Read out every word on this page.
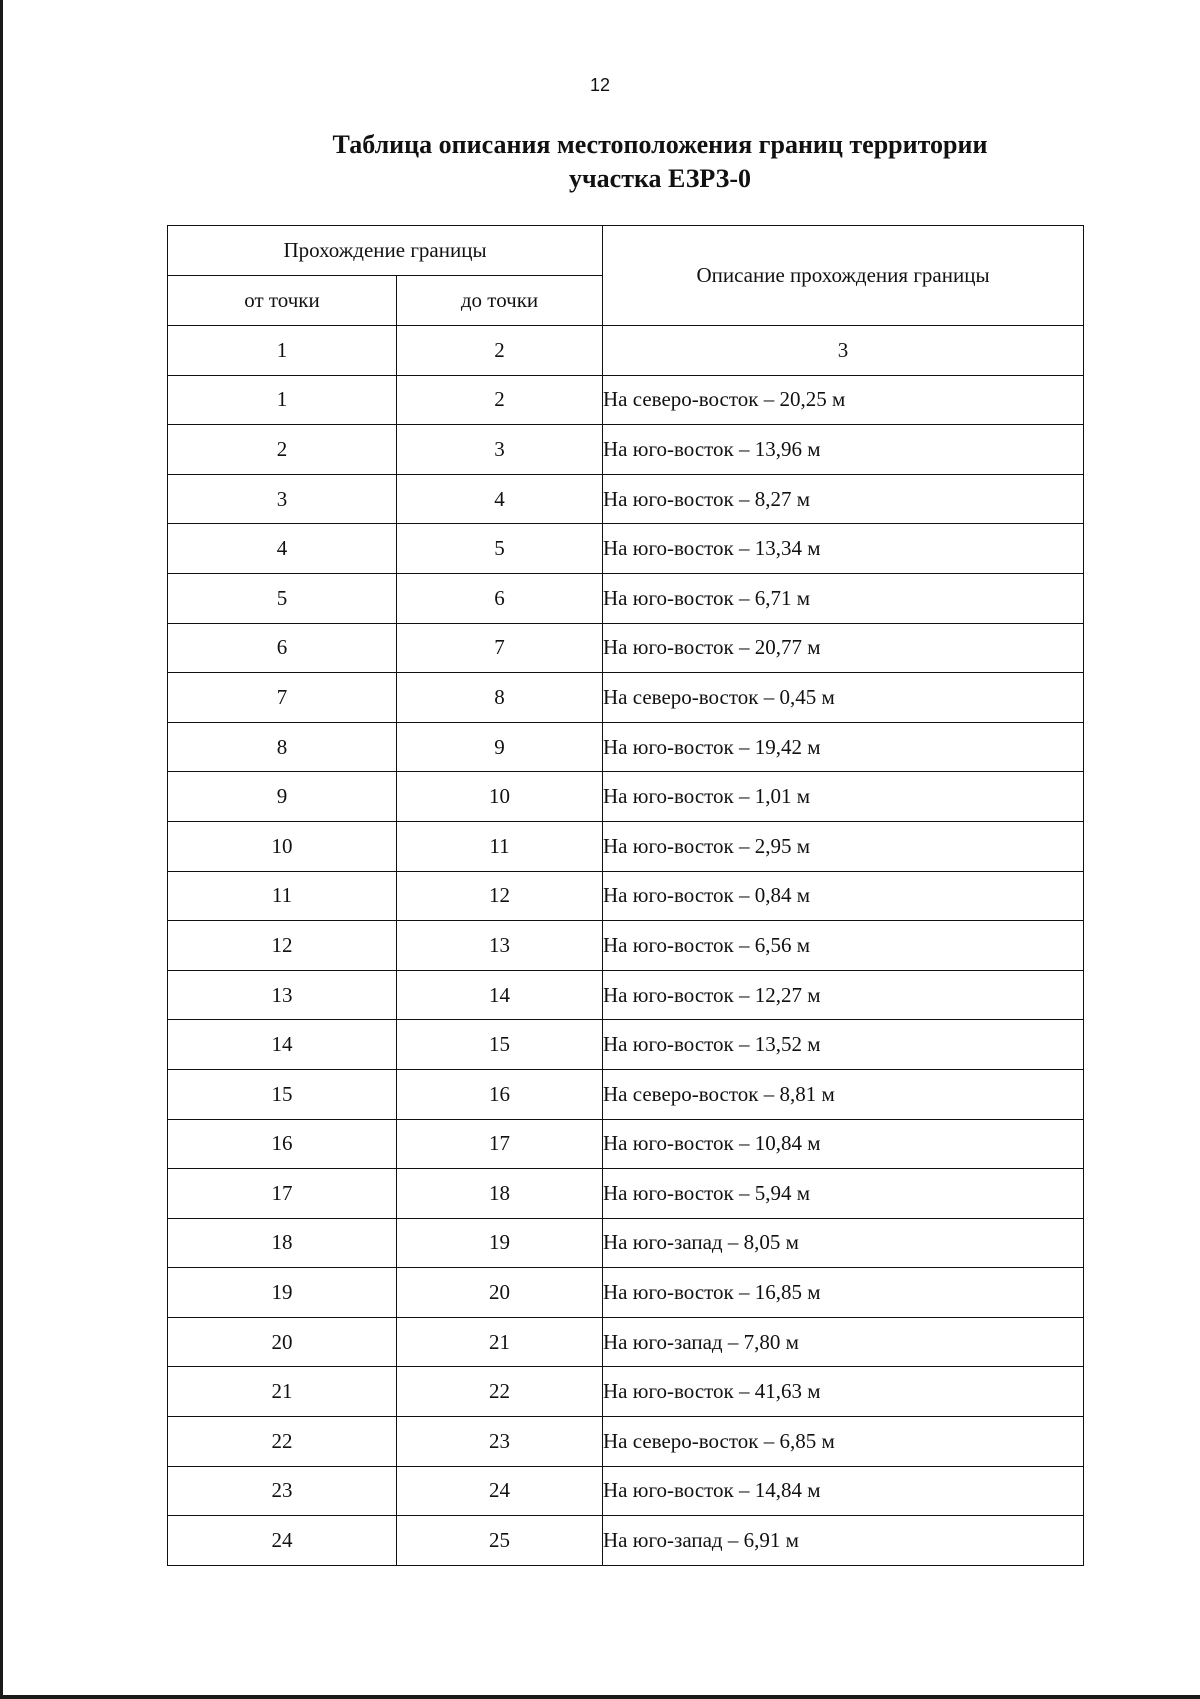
12
Таблица описания местоположения границ территории
участка ЕЗРЗ-0
Прохождение границы		Описание прохождения границы
от точки	до точки	
1	2	3
1	2	На северо-восток – 20,25 м
2	3	На юго-восток – 13,96 м
3	4	На юго-восток – 8,27 м
4	5	На юго-восток – 13,34 м
5	6	На юго-восток – 6,71 м
6	7	На юго-восток – 20,77 м
7	8	На северо-восток – 0,45 м
8	9	На юго-восток – 19,42 м
9	10	На юго-восток – 1,01 м
10	11	На юго-восток – 2,95 м
11	12	На юго-восток – 0,84 м
12	13	На юго-восток – 6,56 м
13	14	На юго-восток – 12,27 м
14	15	На юго-восток – 13,52 м
15	16	На северо-восток – 8,81 м
16	17	На юго-восток – 10,84 м
17	18	На юго-восток – 5,94 м
18	19	На юго-запад – 8,05 м
19	20	На юго-восток – 16,85 м
20	21	На юго-запад – 7,80 м
21	22	На юго-восток – 41,63 м
22	23	На северо-восток – 6,85 м
23	24	На юго-восток – 14,84 м
24	25	На юго-запад – 6,91 м
